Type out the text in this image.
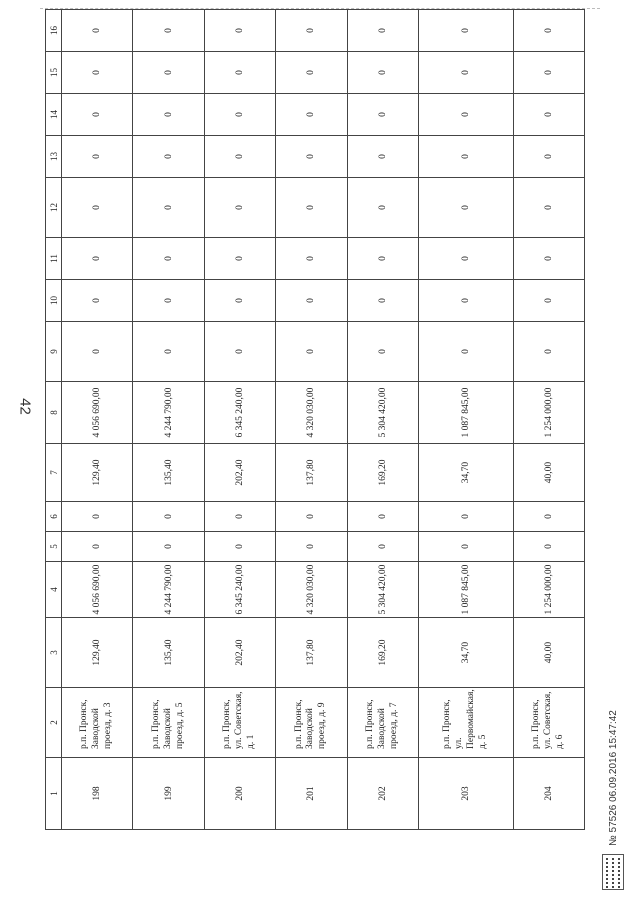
42
1	2	3	4	5	6	7	8	9	10	11	12	13	14	15	16
198	р.п. Пронск, Заводской проезд, д. 3	129,40	4 056 690,00	0	0	129,40	4 056 690,00	0	0	0	0	0	0	0	0
199	р.п. Пронск, Заводской проезд, д. 5	135,40	4 244 790,00	0	0	135,40	4 244 790,00	0	0	0	0	0	0	0	0
200	р.п. Пронск, ул. Советская, д. 1	202,40	6 345 240,00	0	0	202,40	6 345 240,00	0	0	0	0	0	0	0	0
201	р.п. Пронск, Заводской проезд, д. 9	137,80	4 320 030,00	0	0	137,80	4 320 030,00	0	0	0	0	0	0	0	0
202	р.п. Пронск, Заводской проезд, д. 7	169,20	5 304 420,00	0	0	169,20	5 304 420,00	0	0	0	0	0	0	0	0
203	р.п. Пронск, ул. Первомайская, д. 5	34,70	1 087 845,00	0	0	34,70	1 087 845,00	0	0	0	0	0	0	0	0
204	р.п. Пронск, ул. Советская, д. 6	40,00	1 254 000,00	0	0	40,00	1 254 000,00	0	0	0	0	0	0	0	0
№ 57526 06.09.2016 15:47:42
